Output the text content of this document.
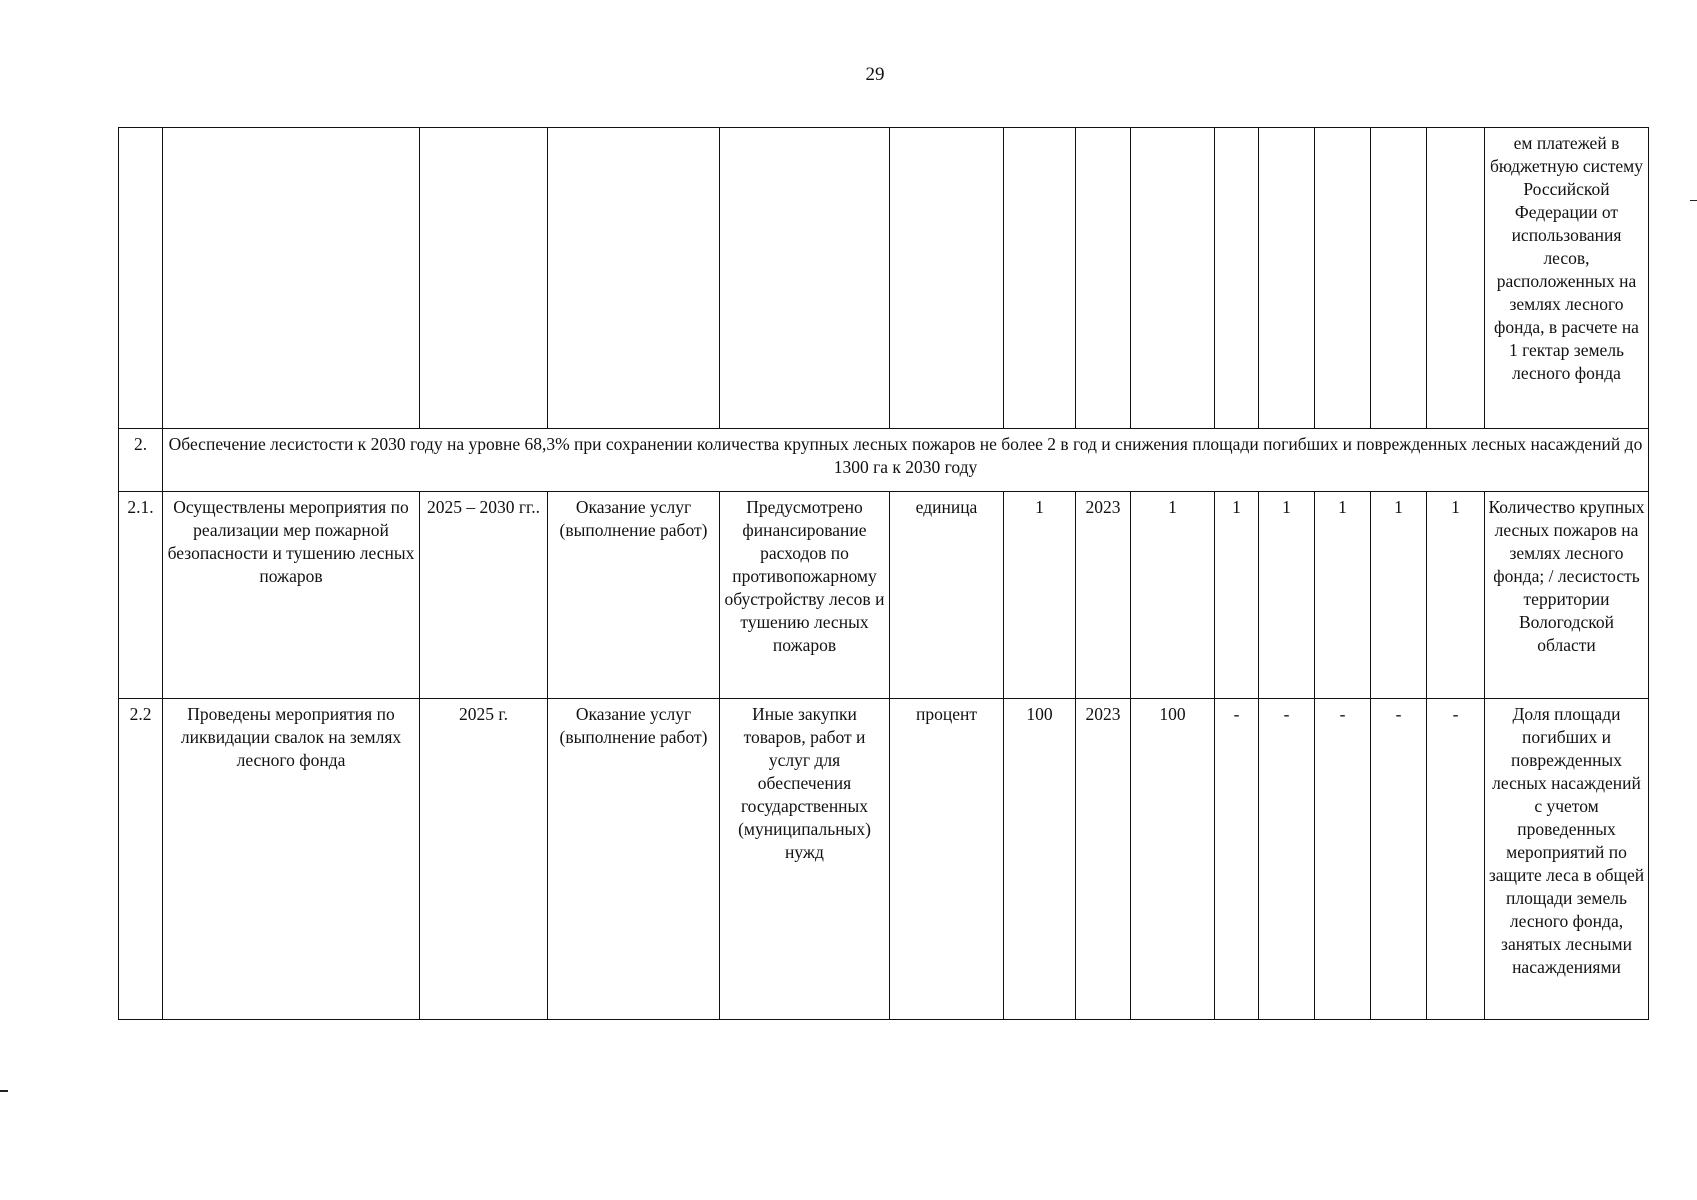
29
														ем платежей в бюджетную систему Российской Федерации от использования лесов, расположенных на землях лесного фонда, в расчете на 1 гектар земель лесного фонда
2.	Обеспечение лесистости к 2030 году на уровне 68,3% при сохранении количества крупных лесных пожаров не более 2 в год и снижения площади погибших и поврежденных лесных насаждений до 1300 га к 2030 году													
2.1.	Осуществлены мероприятия по реализации мер пожарной безопасности и тушению лесных пожаров	2025 – 2030 гг..	Оказание услуг (выполнение работ)	Предусмотрено финансирование расходов по противопожарному обустройству лесов и тушению лесных пожаров	единица	1	2023	1	1	1	1	1	1	Количество крупных лесных пожаров на землях лесного фонда; / лесистость территории Вологодской области
2.2	Проведены мероприятия по ликвидации свалок на землях лесного фонда	2025 г.	Оказание услуг (выполнение работ)	Иные закупки товаров, работ и услуг для обеспечения государственных (муниципальных) нужд	процент	100	2023	100	-	-	-	-	-	Доля площади погибших и поврежденных лесных насаждений с учетом проведенных мероприятий по защите леса в общей площади земель лесного фонда, занятых лесными насаждениями
